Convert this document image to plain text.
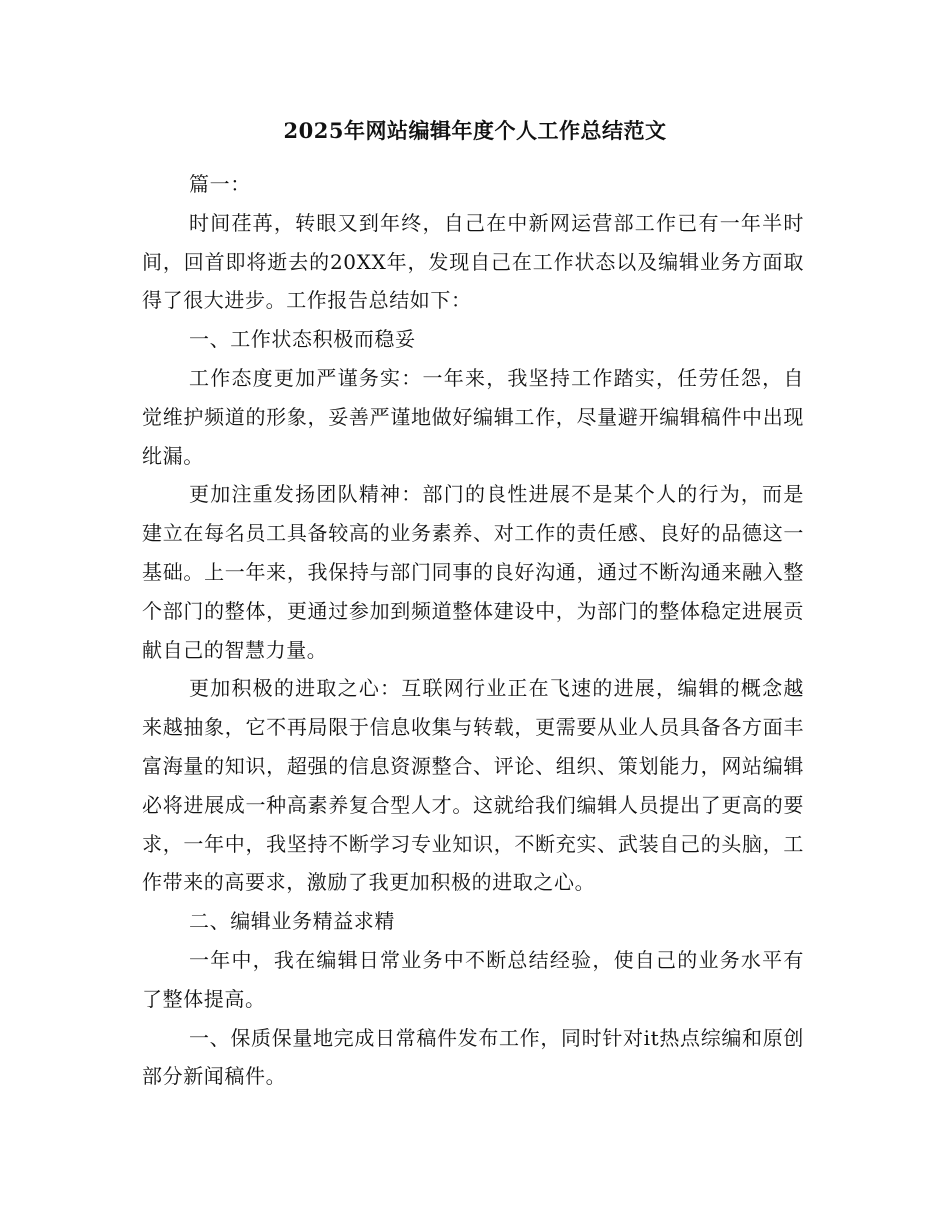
2025年网站编辑年度个人工作总结范文

篇一：

时间荏苒，转眼又到年终，自己在中新网运营部工作已有一年半时间，回首即将逝去的20XX年，发现自己在工作状态以及编辑业务方面取得了很大进步。工作报告总结如下：

一、工作状态积极而稳妥

工作态度更加严谨务实：一年来，我坚持工作踏实，任劳任怨，自觉维护频道的形象，妥善严谨地做好编辑工作，尽量避开编辑稿件中出现纰漏。

更加注重发扬团队精神：部门的良性进展不是某个人的行为，而是建立在每名员工具备较高的业务素养、对工作的责任感、良好的品德这一基础。上一年来，我保持与部门同事的良好沟通，通过不断沟通来融入整个部门的整体，更通过参加到频道整体建设中，为部门的整体稳定进展贡献自己的智慧力量。

更加积极的进取之心：互联网行业正在飞速的进展，编辑的概念越来越抽象，它不再局限于信息收集与转载，更需要从业人员具备各方面丰富海量的知识，超强的信息资源整合、评论、组织、策划能力，网站编辑必将进展成一种高素养复合型人才。这就给我们编辑人员提出了更高的要求，一年中，我坚持不断学习专业知识，不断充实、武装自己的头脑，工作带来的高要求，激励了我更加积极的进取之心。

二、编辑业务精益求精

一年中，我在编辑日常业务中不断总结经验，使自己的业务水平有了整体提高。

一、保质保量地完成日常稿件发布工作，同时针对it热点综编和原创部分新闻稿件。
